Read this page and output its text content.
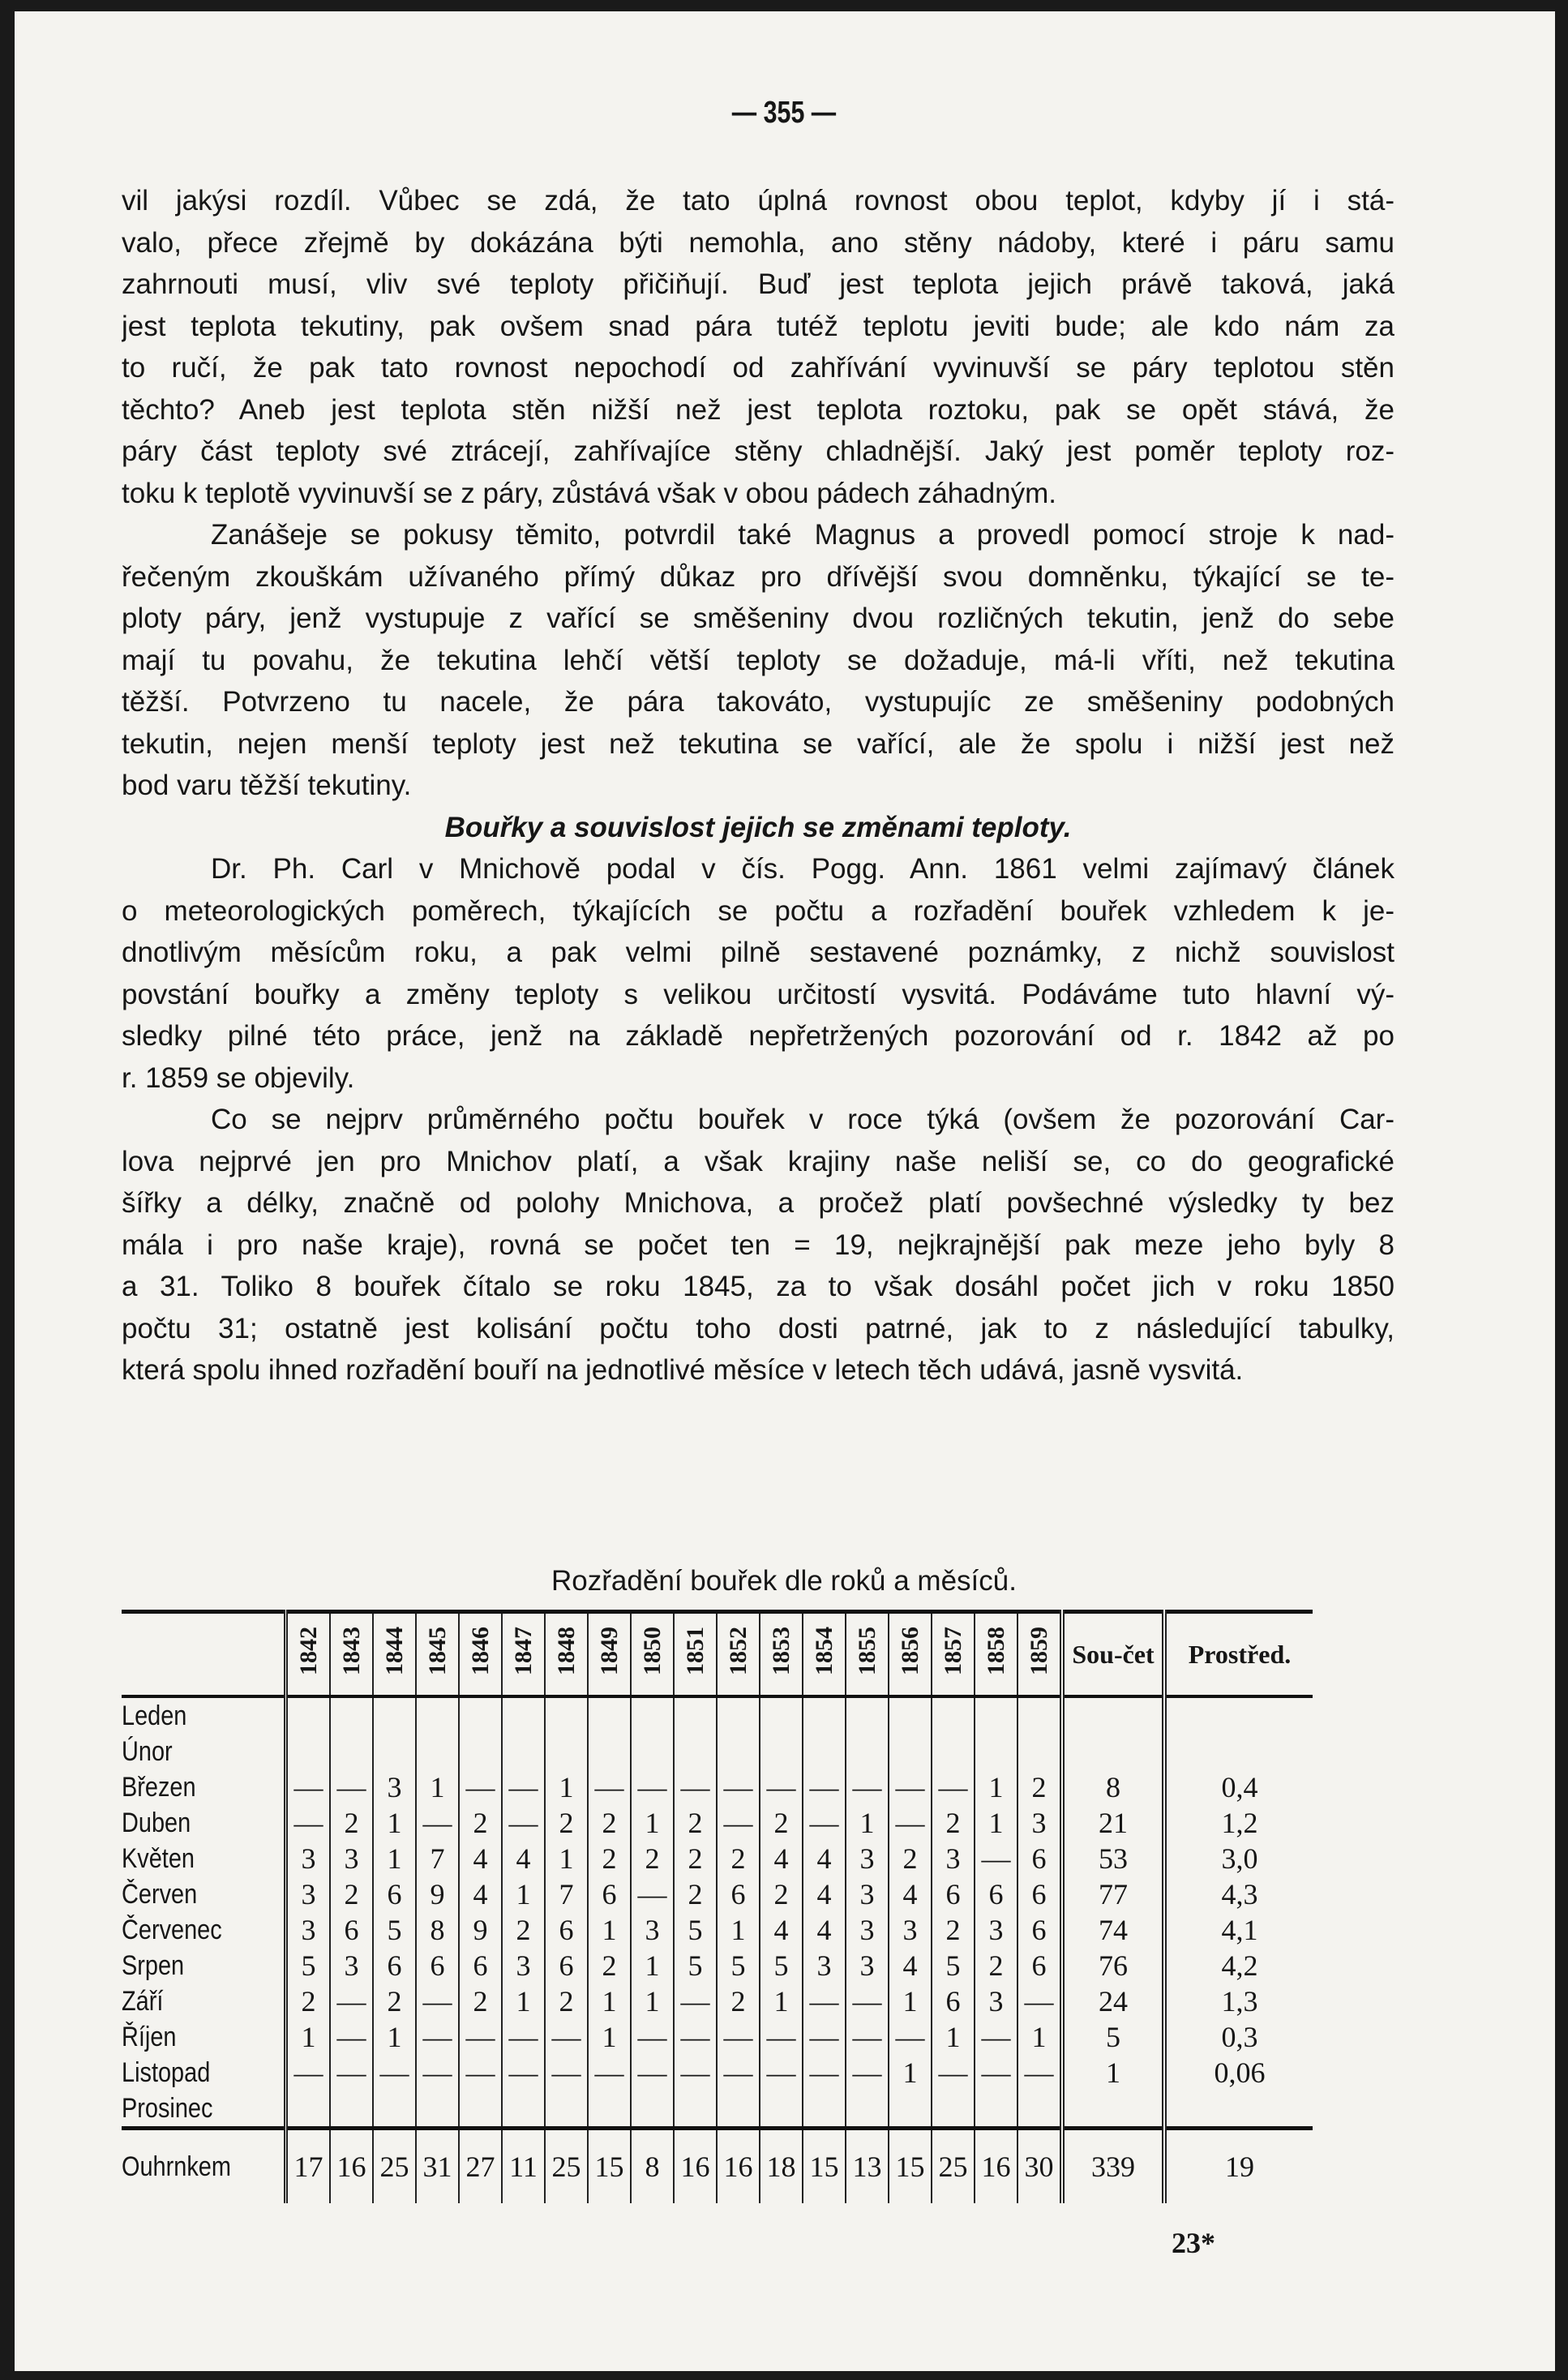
— 355 —
vil jakýsi rozdíl. Vůbec se zdá, že tato úplná rovnost obou teplot, kdyby jí i stá-
valo, přece zřejmě by dokázána býti nemohla, ano stěny nádoby, které i páru samu
zahrnouti musí, vliv své teploty přičiňují. Buď jest teplota jejich právě taková, jaká
jest teplota tekutiny, pak ovšem snad pára tutéž teplotu jeviti bude; ale kdo nám za
to ručí, že pak tato rovnost nepochodí od zahřívání vyvinuvší se páry teplotou stěn
těchto? Aneb jest teplota stěn nižší než jest teplota roztoku, pak se opět stává, že
páry část teploty své ztrácejí, zahřívajíce stěny chladnější. Jaký jest poměr teploty roz-
toku k teplotě vyvinuvší se z páry, zůstává však v obou pádech záhadným.
Zanášeje se pokusy těmito, potvrdil také Magnus a provedl pomocí stroje k nad-
řečeným zkouškám užívaného přímý důkaz pro dřívější svou domněnku, týkající se te-
ploty páry, jenž vystupuje z vařící se směšeniny dvou rozličných tekutin, jenž do sebe
mají tu povahu, že tekutina lehčí větší teploty se dožaduje, má-li vříti, než tekutina
těžší. Potvrzeno tu nacele, že pára takováto, vystupujíc ze směšeniny podobných
tekutin, nejen menší teploty jest než tekutina se vařící, ale že spolu i nižší jest než
bod varu těžší tekutiny.
Bouřky a souvislost jejich se změnami teploty.
Dr. Ph. Carl v Mnichově podal v čís. Pogg. Ann. 1861 velmi zajímavý článek
o meteorologických poměrech, týkajících se počtu a rozřadění bouřek vzhledem k je-
dnotlivým měsícům roku, a pak velmi pilně sestavené poznámky, z nichž souvislost
povstání bouřky a změny teploty s velikou určitostí vysvitá. Podáváme tuto hlavní vý-
sledky pilné této práce, jenž na základě nepřetržených pozorování od r. 1842 až po
r. 1859 se objevily.
Co se nejprv průměrného počtu bouřek v roce týká (ovšem že pozorování Car-
lova nejprvé jen pro Mnichov platí, a však krajiny naše neliší se, co do geografické
šířky a délky, značně od polohy Mnichova, a pročež platí povšechné výsledky ty bez
mála i pro naše kraje), rovná se počet ten = 19, nejkrajnější pak meze jeho byly 8
a 31. Toliko 8 bouřek čítalo se roku 1845, za to však dosáhl počet jich v roku 1850
počtu 31; ostatně jest kolisání počtu toho dosti patrné, jak to z následující tabulky,
která spolu ihned rozřadění bouří na jednotlivé měsíce v letech těch udává, jasně vysvitá.
Rozřadění bouřek dle roků a měsíců.
	1842	1843	1844	1845	1846	1847	1848	1849	1850	1851	1852	1853	1854	1855	1856	1857	1858	1859	Sou-čet	Prostřed.
Leden																				
Únor																				
Březen	—	—	3	1	—	—	1	—	—	—	—	—	—	—	—	—	1	2	8	0,4
Duben	—	2	1	—	2	—	2	2	1	2	—	2	—	1	—	2	1	3	21	1,2
Květen	3	3	1	7	4	4	1	2	2	2	2	4	4	3	2	3	—	6	53	3,0
Červen	3	2	6	9	4	1	7	6	—	2	6	2	4	3	4	6	6	6	77	4,3
Červenec	3	6	5	8	9	2	6	1	3	5	1	4	4	3	3	2	3	6	74	4,1
Srpen	5	3	6	6	6	3	6	2	1	5	5	5	3	3	4	5	2	6	76	4,2
Září	2	—	2	—	2	1	2	1	1	—	2	1	—	—	1	6	3	—	24	1,3
Říjen	1	—	1	—	—	—	—	1	—	—	—	—	—	—	—	1	—	1	5	0,3
Listopad	—	—	—	—	—	—	—	—	—	—	—	—	—	—	1	—	—	—	1	0,06
Prosinec																				
Ouhrnkem	17	16	25	31	27	11	25	15	8	16	16	18	15	13	15	25	16	30	339	19
23*
